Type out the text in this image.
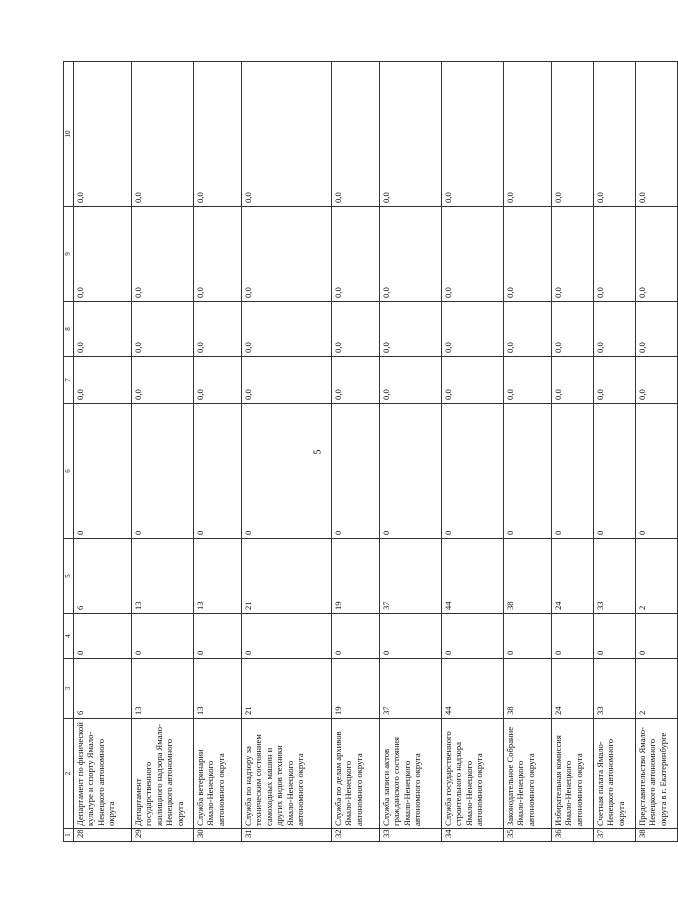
5
1	2	3	4	5	6	7	8	9	10
28	Департамент по физической культуре и спорту Ямало-Ненецкого автономного округа	6	0	6	0	0,0	0,0	0,0	0,0
29	Департамент государственного жилищного надзора Ямало-Ненецкого автономного округа	13	0	13	0	0,0	0,0	0,0	0,0
30	Служба ветеринарии Ямало-Ненецкого автономного округа	13	0	13	0	0,0	0,0	0,0	0,0
31	Служба по надзору за техническим состоянием самоходных машин и других видов техники Ямало-Ненецкого автономного округа	21	0	21	0	0,0	0,0	0,0	0,0
32	Служба по делам архивов Ямало-Ненецкого автономного округа	19	0	19	0	0,0	0,0	0,0	0,0
33	Служба записи актов гражданского состояния Ямало-Ненецкого автономного округа	37	0	37	0	0,0	0,0	0,0	0,0
34	Служба государственного строительного надзора Ямало-Ненецкого автономного округа	44	0	44	0	0,0	0,0	0,0	0,0
35	Законодательное Собрание Ямало-Ненецкого автономного округа	38	0	38	0	0,0	0,0	0,0	0,0
36	Избирательная комиссия Ямало-Ненецкого автономного округа	24	0	24	0	0,0	0,0	0,0	0,0
37	Счетная палата Ямало-Ненецкого автономного округа	33	0	33	0	0,0	0,0	0,0	0,0
38	Представительство Ямало-Ненецкого автономного округа в г. Екатеринбурге	2	0	2	0	0,0	0,0	0,0	0,0
